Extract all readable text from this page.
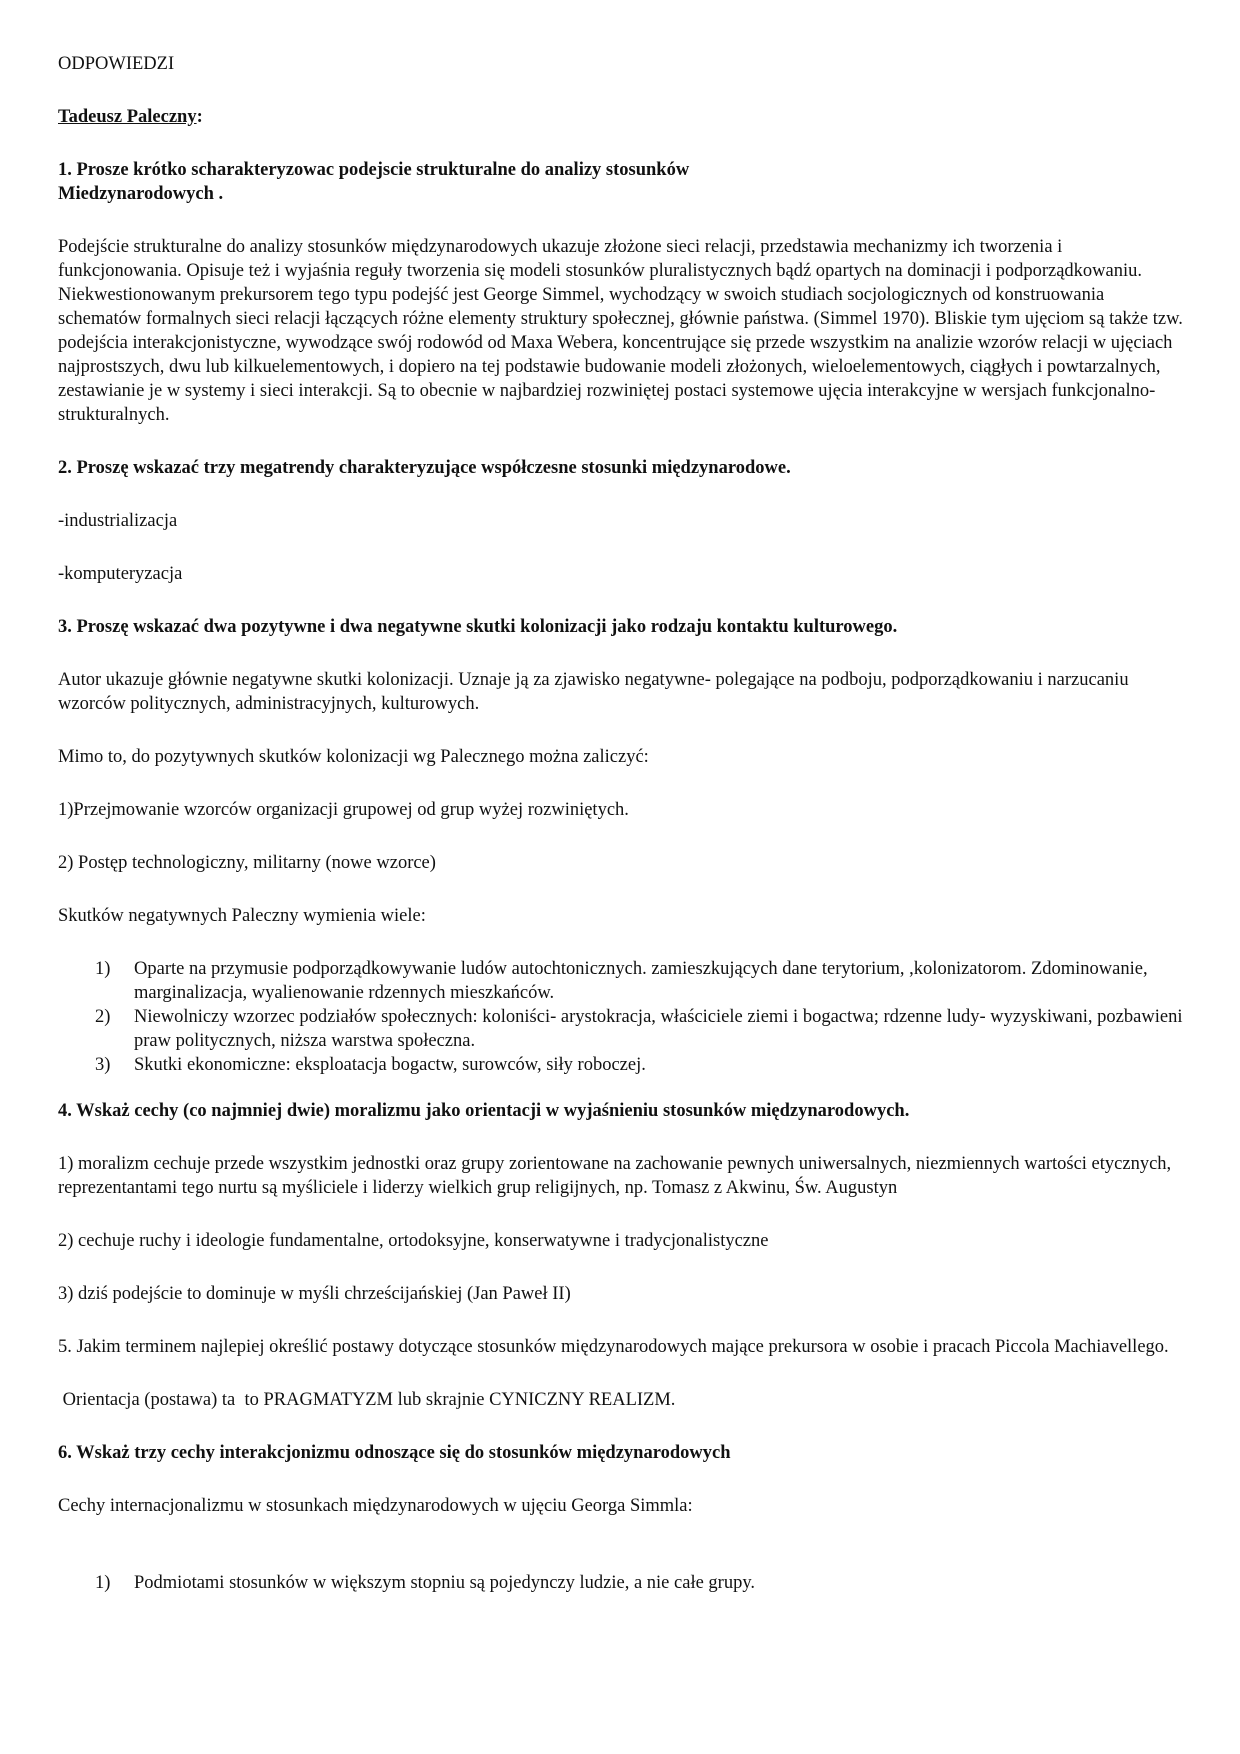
ODPOWIEDZI

Tadeusz Paleczny:

1. Prosze krótko scharakteryzowac podejscie strukturalne do analizy stosunków
Miedzynarodowych .

Podejście strukturalne do analizy stosunków międzynarodowych ukazuje złożone sieci relacji, przedstawia mechanizmy ich tworzenia i funkcjonowania. Opisuje też i wyjaśnia reguły tworzenia się modeli stosunków pluralistycznych bądź opartych na dominacji i podporządkowaniu. Niekwestionowanym prekursorem tego typu podejść jest George Simmel, wychodzący w swoich studiach socjologicznych od konstruowania schematów formalnych sieci relacji łączących różne elementy struktury społecznej, głównie państwa. (Simmel 1970). Bliskie tym ujęciom są także tzw. podejścia interakcjonistyczne, wywodzące swój rodowód od Maxa Webera, koncentrujące się przede wszystkim na analizie wzorów relacji w ujęciach najprostszych, dwu lub kilkuelementowych, i dopiero na tej podstawie budowanie modeli złożonych, wieloelementowych, ciągłych i powtarzalnych, zestawianie je w systemy i sieci interakcji. Są to obecnie w najbardziej rozwiniętej postaci systemowe ujęcia interakcyjne w wersjach funkcjonalno-strukturalnych.

2. Proszę wskazać trzy megatrendy charakteryzujące współczesne stosunki międzynarodowe.

-industrializacja

-komputeryzacja

3. Proszę wskazać dwa pozytywne i dwa negatywne skutki kolonizacji jako rodzaju kontaktu kulturowego.

Autor ukazuje głównie negatywne skutki kolonizacji. Uznaje ją za zjawisko negatywne- polegające na podboju, podporządkowaniu i narzucaniu wzorców politycznych, administracyjnych, kulturowych.

Mimo to, do pozytywnych skutków kolonizacji wg Palecznego można zaliczyć:

1)Przejmowanie wzorców organizacji grupowej od grup wyżej rozwiniętych.

2) Postęp technologiczny, militarny (nowe wzorce)

Skutków negatywnych Paleczny wymienia wiele:

1) Oparte na przymusie podporządkowywanie ludów autochtonicznych. zamieszkujących dane terytorium, ,kolonizatorom. Zdominowanie, marginalizacja, wyalienowanie rdzennych mieszkańców.
2) Niewolniczy wzorzec podziałów społecznych: koloniści- arystokracja, właściciele ziemi i bogactwa; rdzenne ludy- wyzyskiwani, pozbawieni praw politycznych, niższa warstwa społeczna.
3) Skutki ekonomiczne: eksploatacja bogactw, surowców, siły roboczej.

4. Wskaż cechy (co najmniej dwie) moralizmu jako orientacji w wyjaśnieniu stosunków międzynarodowych.

1) moralizm cechuje przede wszystkim jednostki oraz grupy zorientowane na zachowanie pewnych uniwersalnych, niezmiennych wartości etycznych, reprezentantami tego nurtu są myśliciele i liderzy wielkich grup religijnych, np. Tomasz z Akwinu, Św. Augustyn

2) cechuje ruchy i ideologie fundamentalne, ortodoksyjne, konserwatywne i tradycjonalistyczne

3) dziś podejście to dominuje w myśli chrześcijańskiej (Jan Paweł II)

5. Jakim terminem najlepiej określić postawy dotyczące stosunków międzynarodowych mające prekursora w osobie i pracach Piccola Machiavellego.

Orientacja (postawa) ta  to PRAGMATYZM lub skrajnie CYNICZNY REALIZM.

6. Wskaż trzy cechy interakcjonizmu odnoszące się do stosunków międzynarodowych

Cechy internacjonalizmu w stosunkach międzynarodowych w ujęciu Georga Simmla:

1) Podmiotami stosunków w większym stopniu są pojedynczy ludzie, a nie całe grupy.
